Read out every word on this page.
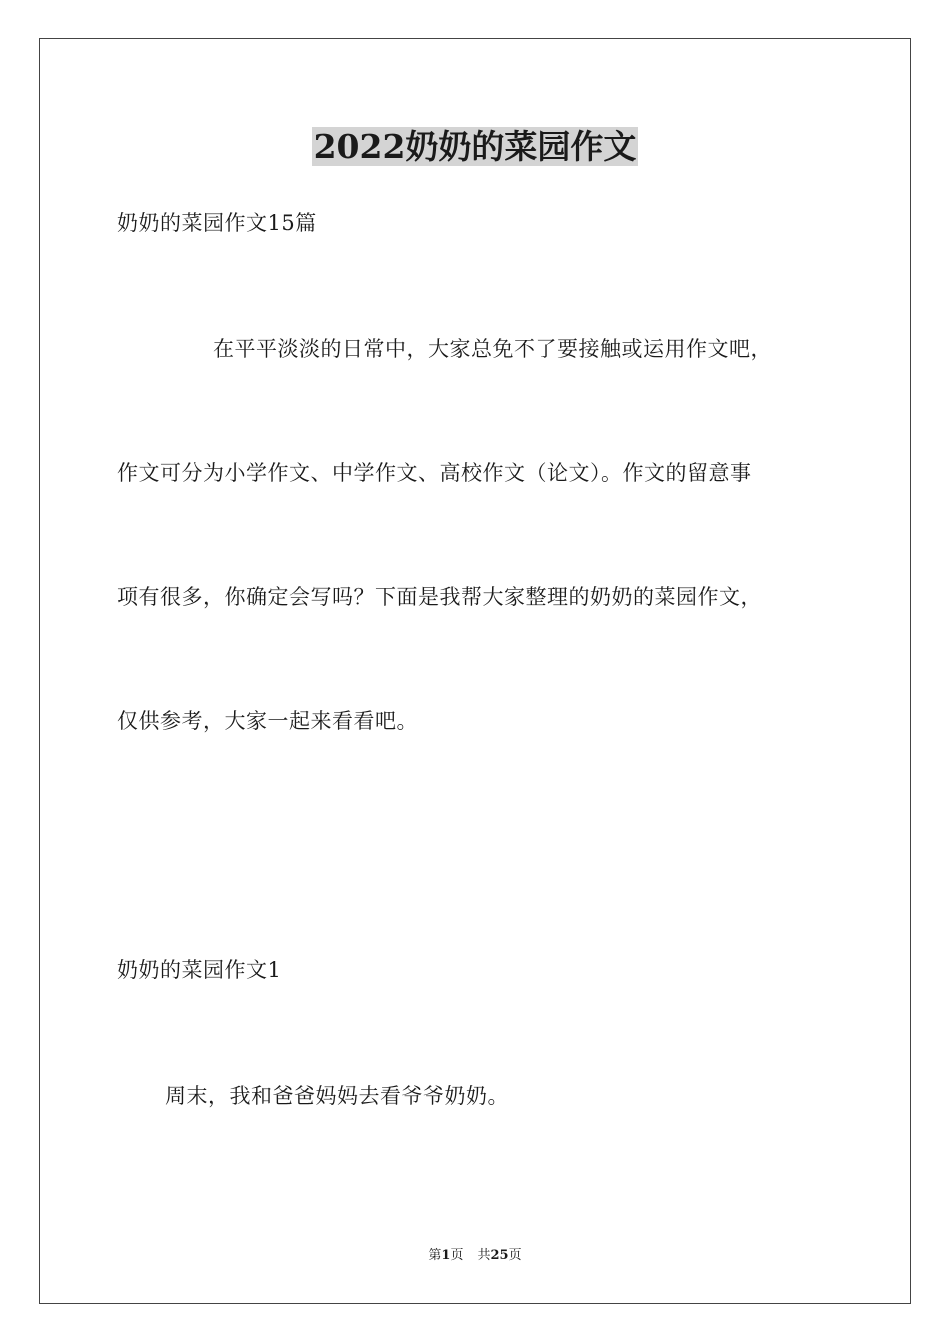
2022奶奶的菜园作文

奶奶的菜园作文15篇

在平平淡淡的日常中，大家总免不了要接触或运用作文吧，

作文可分为小学作文、中学作文、高校作文（论文）。作文的留意事

项有很多，你确定会写吗？下面是我帮大家整理的奶奶的菜园作文，

仅供参考，大家一起来看看吧。

奶奶的菜园作文1

周末，我和爸爸妈妈去看爷爷奶奶。

第1页 共25页
